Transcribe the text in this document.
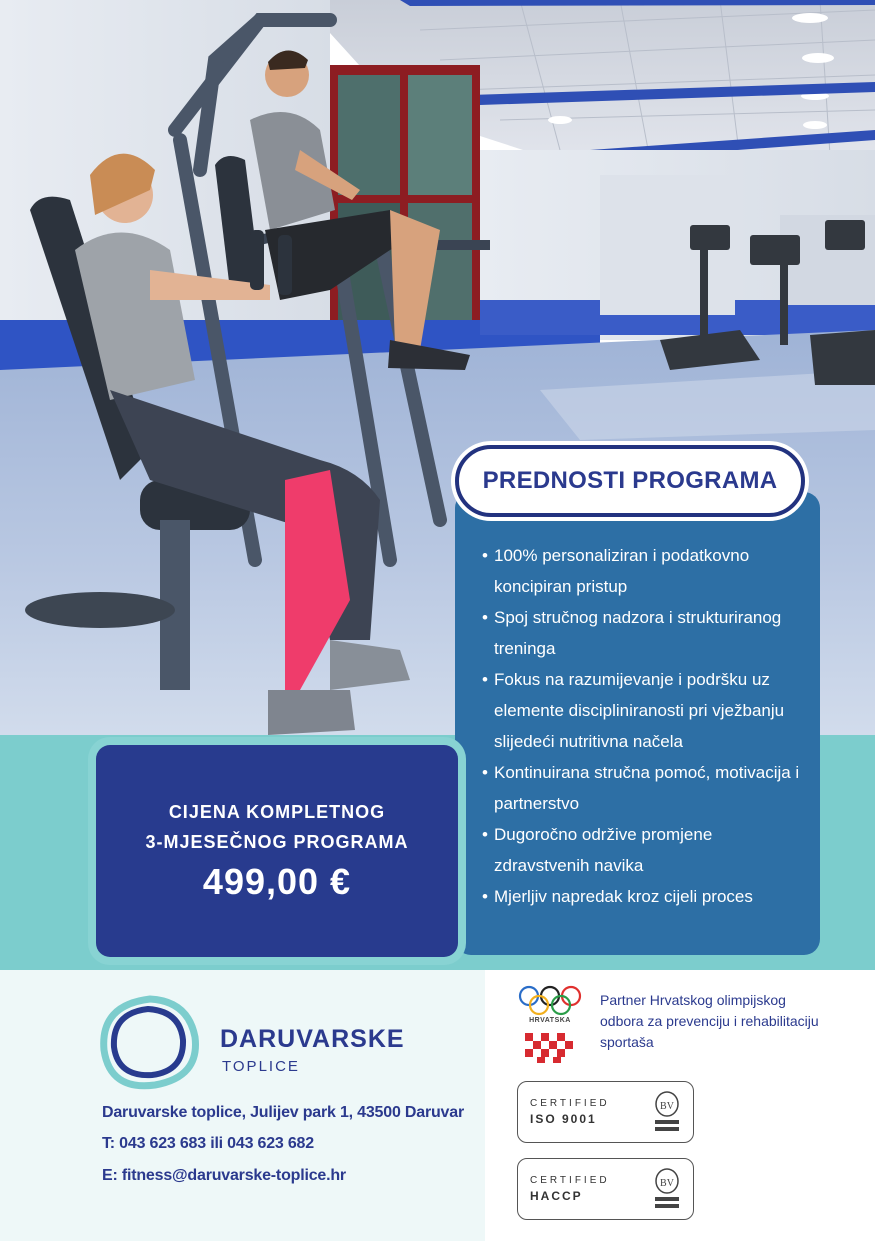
PREDNOSTI PROGRAMA
• 100% personaliziran i podatkovno koncipiran pristup
• Spoj stručnog nadzora i strukturiranog treninga
• Fokus na razumijevanje i podršku uz elemente discipliniranosti pri vježbanju slijedeći nutritivna načela
• Kontinuirana stručna pomoć, motivacija i partnerstvo
• Dugoročno održive promjene zdravstvenih navika
• Mjerljiv napredak kroz cijeli proces
CIJENA KOMPLETNOG
3-MJESEČNOG PROGRAMA
499,00 €
DARUVARSKE
TOPLICE
Daruvarske toplice, Julijev park 1, 43500 Daruvar
T: 043 623 683 ili 043 623 682
E: fitness@daruvarske-toplice.hr
HRVATSKA
Partner Hrvatskog olimpijskog odbora za prevenciju i rehabilitaciju sportaša
CERTIFIED
ISO 9001
BV
CERTIFIED
HACCP
BV
